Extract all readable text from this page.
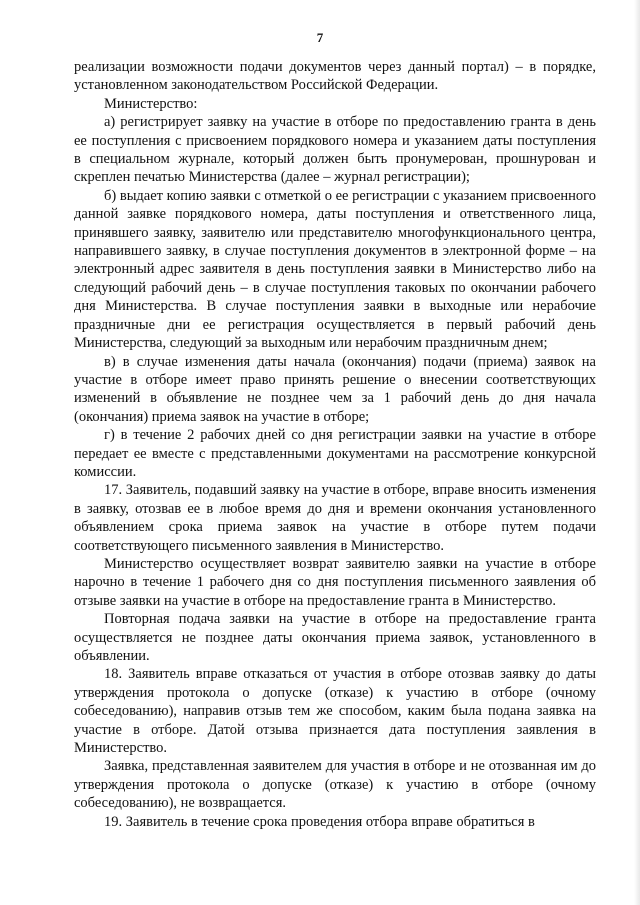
7

реализации возможности подачи документов через данный портал) – в порядке, установленном законодательством Российской Федерации.

Министерство:

а) регистрирует заявку на участие в отборе по предоставлению гранта в день ее поступления с присвоением порядкового номера и указанием даты поступления в специальном журнале, который должен быть пронумерован, прошнурован и скреплен печатью Министерства (далее – журнал регистрации);

б) выдает копию заявки с отметкой о ее регистрации с указанием присвоенного данной заявке порядкового номера, даты поступления и ответственного лица, принявшего заявку, заявителю или представителю многофункционального центра, направившего заявку, в случае поступления документов в электронной форме – на электронный адрес заявителя в день поступления заявки в Министерство либо на следующий рабочий день – в случае поступления таковых по окончании рабочего дня Министерства. В случае поступления заявки в выходные или нерабочие праздничные дни ее регистрация осуществляется в первый рабочий день Министерства, следующий за выходным или нерабочим праздничным днем;

в) в случае изменения даты начала (окончания) подачи (приема) заявок на участие в отборе имеет право принять решение о внесении соответствующих изменений в объявление не позднее чем за 1 рабочий день до дня начала (окончания) приема заявок на участие в отборе;

г) в течение 2 рабочих дней со дня регистрации заявки на участие в отборе передает ее вместе с представленными документами на рассмотрение конкурсной комиссии.

17. Заявитель, подавший заявку на участие в отборе, вправе вносить изменения в заявку, отозвав ее в любое время до дня и времени окончания установленного объявлением срока приема заявок на участие в отборе путем подачи соответствующего письменного заявления в Министерство.

Министерство осуществляет возврат заявителю заявки на участие в отборе нарочно в течение 1 рабочего дня со дня поступления письменного заявления об отзыве заявки на участие в отборе на предоставление гранта в Министерство.

Повторная подача заявки на участие в отборе на предоставление гранта осуществляется не позднее даты окончания приема заявок, установленного в объявлении.

18. Заявитель вправе отказаться от участия в отборе отозвав заявку до даты утверждения протокола о допуске (отказе) к участию в отборе (очному собеседованию), направив отзыв тем же способом, каким была подана заявка на участие в отборе. Датой отзыва признается дата поступления заявления в Министерство.

Заявка, представленная заявителем для участия в отборе и не отозванная им до утверждения протокола о допуске (отказе) к участию в отборе (очному собеседованию), не возвращается.

19. Заявитель в течение срока проведения отбора вправе обратиться в
